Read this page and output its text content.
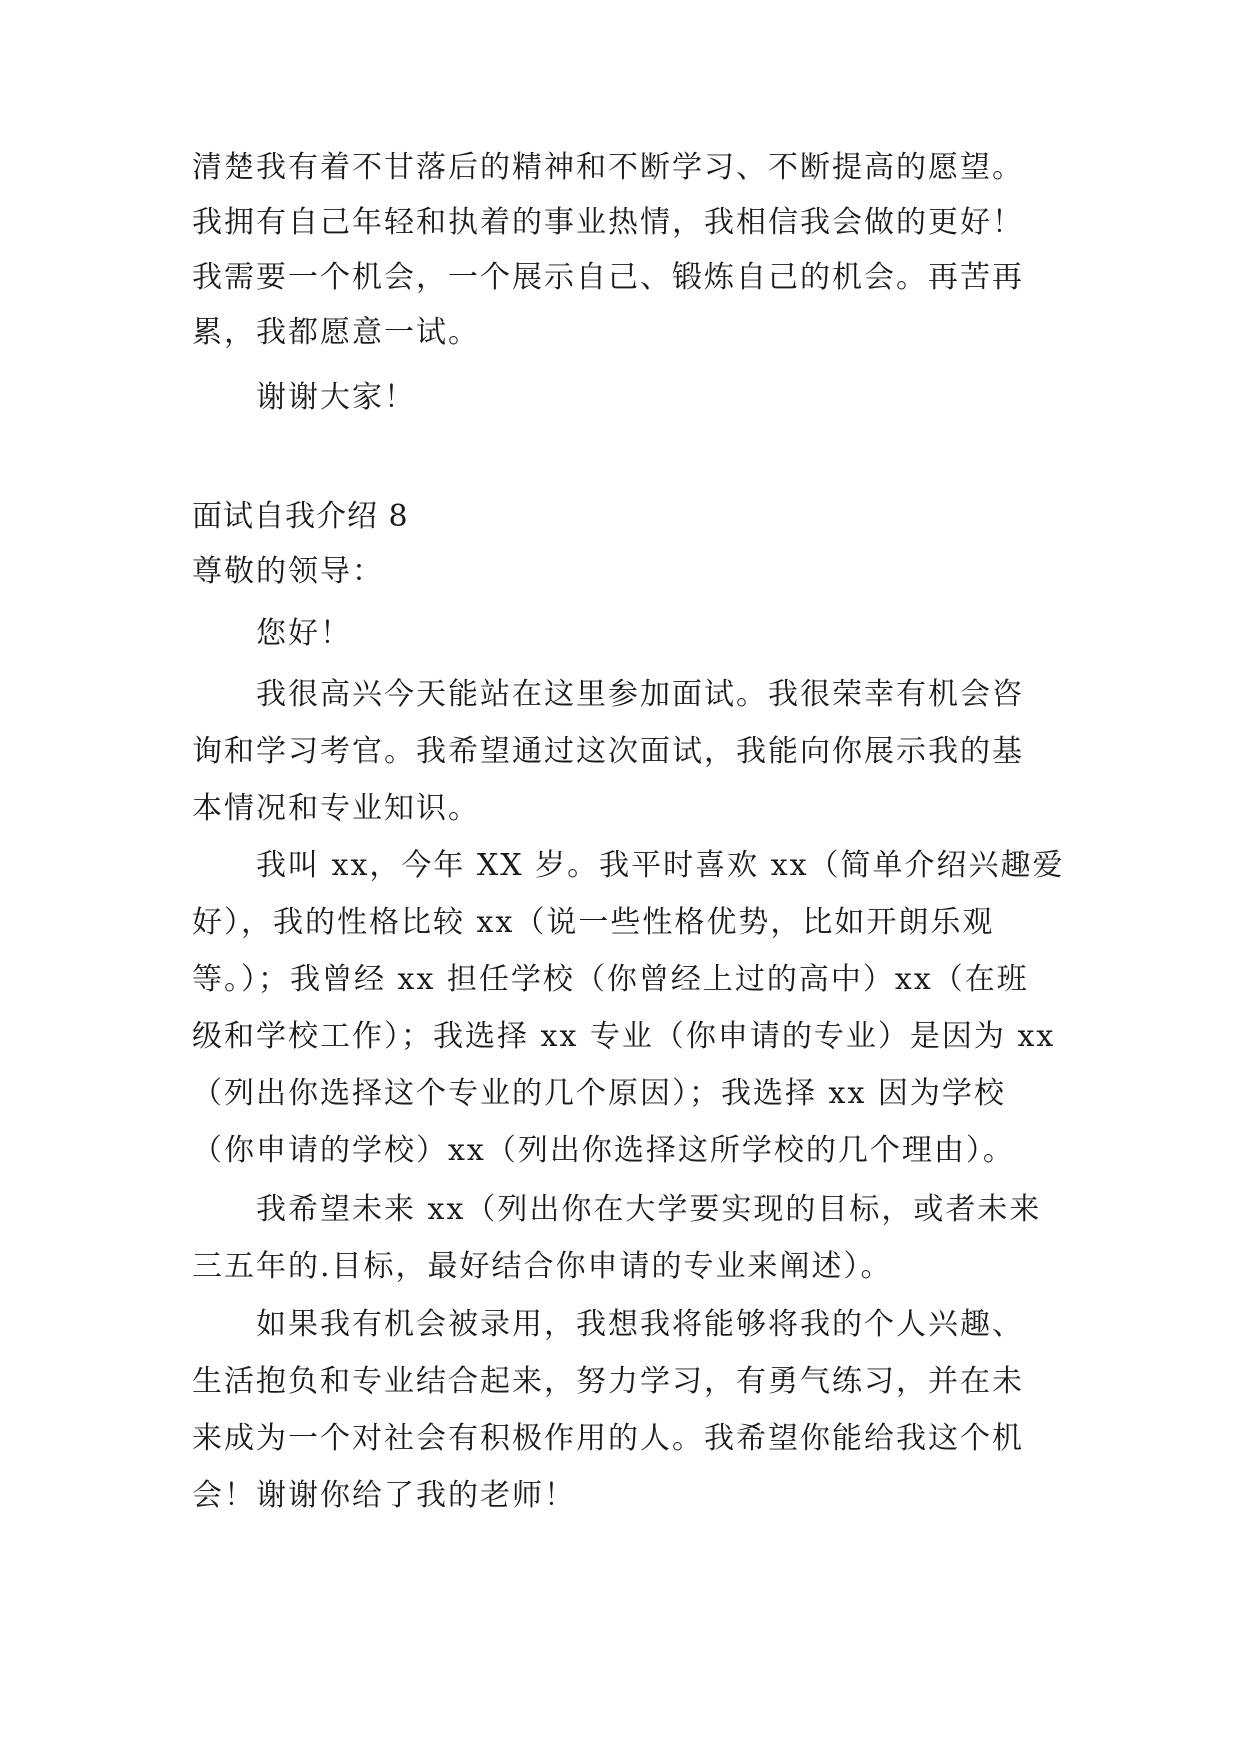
清楚我有着不甘落后的精神和不断学习、不断提高的愿望。
我拥有自己年轻和执着的事业热情，我相信我会做的更好！
我需要一个机会，一个展示自己、锻炼自己的机会。再苦再
累，我都愿意一试。
谢谢大家！
面试自我介绍 8
尊敬的领导：
您好！
我很高兴今天能站在这里参加面试。我很荣幸有机会咨
询和学习考官。我希望通过这次面试，我能向你展示我的基
本情况和专业知识。
我叫 xx，今年 XX 岁。我平时喜欢 xx（简单介绍兴趣爱
好），我的性格比较 xx（说一些性格优势，比如开朗乐观
等。）；我曾经 xx 担任学校（你曾经上过的高中）xx（在班
级和学校工作）；我选择 xx 专业（你申请的专业）是因为 xx
（列出你选择这个专业的几个原因）；我选择 xx 因为学校
（你申请的学校）xx（列出你选择这所学校的几个理由）。
我希望未来 xx（列出你在大学要实现的目标，或者未来
三五年的.目标，最好结合你申请的专业来阐述）。
如果我有机会被录用，我想我将能够将我的个人兴趣、
生活抱负和专业结合起来，努力学习，有勇气练习，并在未
来成为一个对社会有积极作用的人。我希望你能给我这个机
会！谢谢你给了我的老师！
